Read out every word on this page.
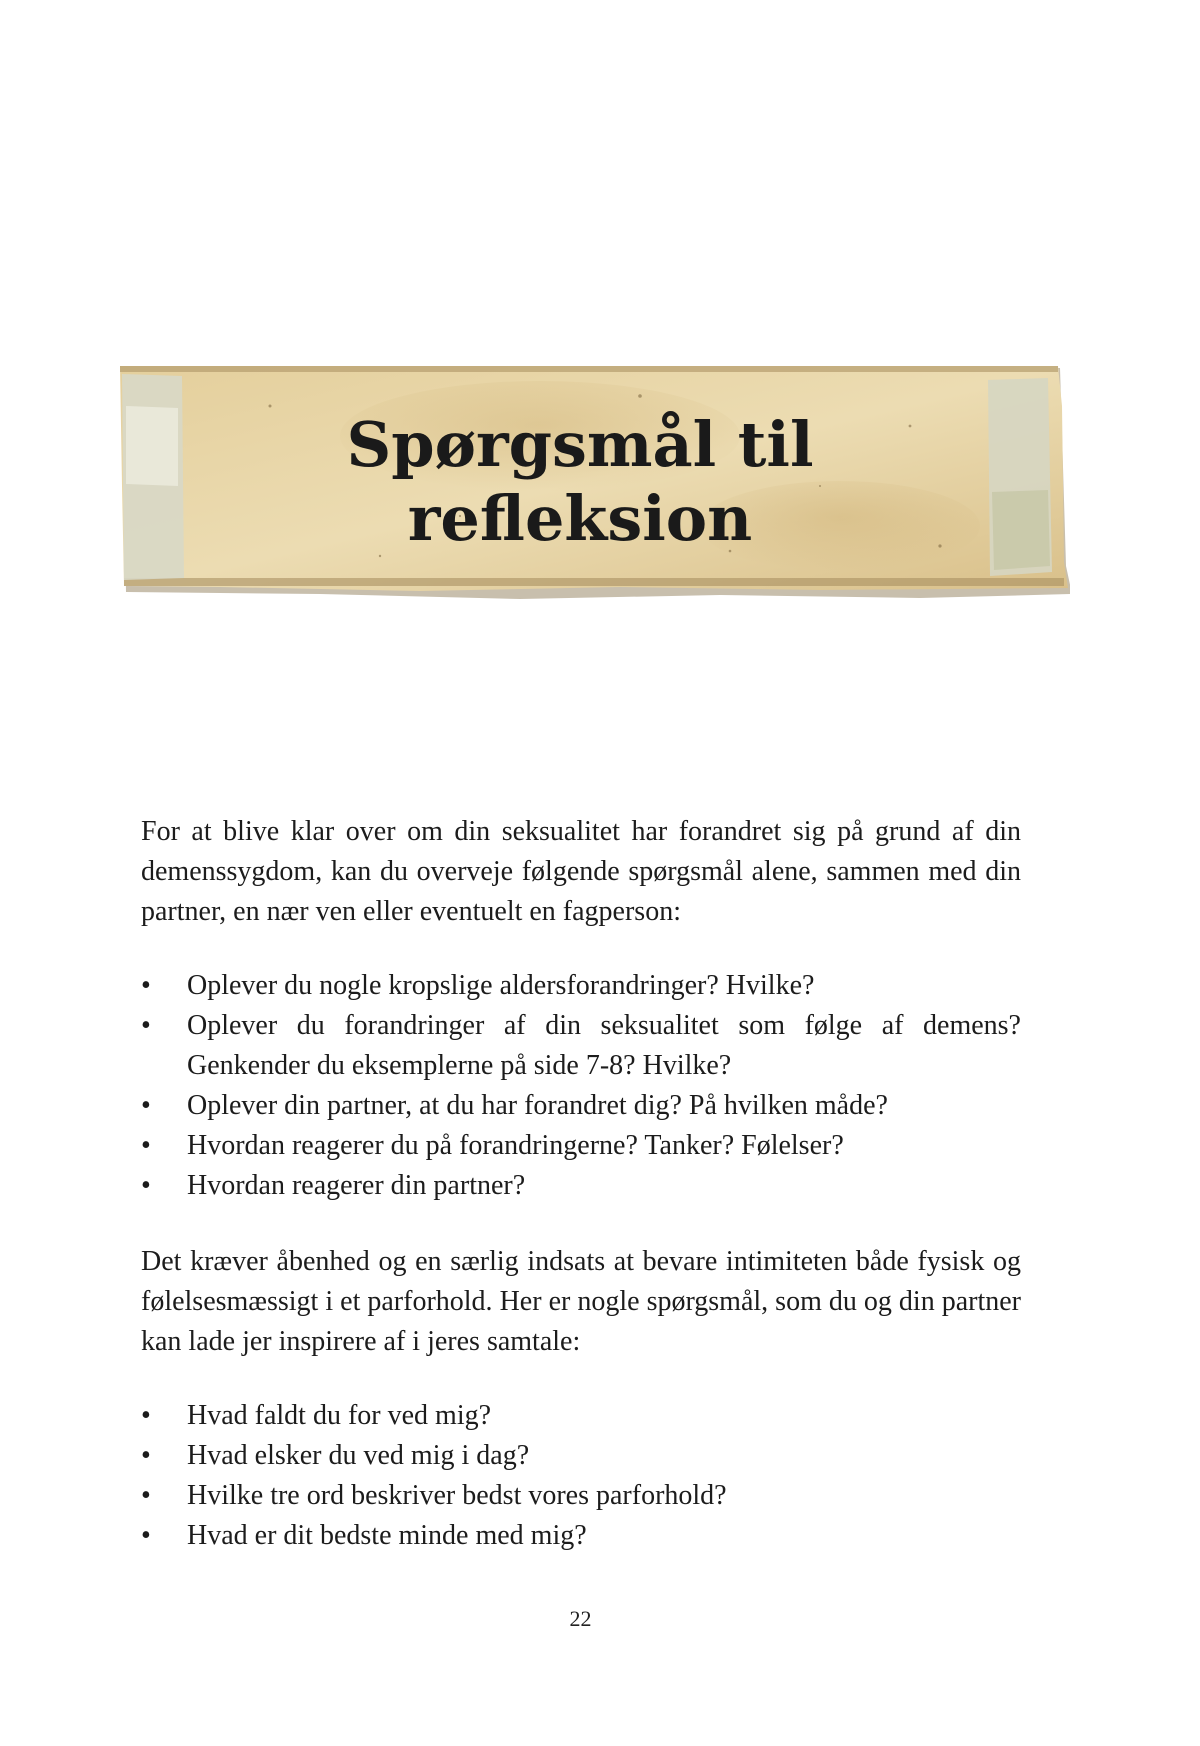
Spørgsmål til
refleksion

For at blive klar over om din seksualitet har forandret sig på grund af din demenssygdom, kan du overveje følgende spørgsmål alene, sammen med din partner, en nær ven eller eventuelt en fagperson:

• Oplever du nogle kropslige aldersforandringer? Hvilke?
• Oplever du forandringer af din seksualitet som følge af demens? Genkender du eksemplerne på side 7-8? Hvilke?
• Oplever din partner, at du har forandret dig? På hvilken måde?
• Hvordan reagerer du på forandringerne? Tanker? Følelser?
• Hvordan reagerer din partner?

Det kræver åbenhed og en særlig indsats at bevare intimiteten både fysisk og følelsesmæssigt i et parforhold. Her er nogle spørgsmål, som du og din partner kan lade jer inspirere af i jeres samtale:

• Hvad faldt du for ved mig?
• Hvad elsker du ved mig i dag?
• Hvilke tre ord beskriver bedst vores parforhold?
• Hvad er dit bedste minde med mig?
22
